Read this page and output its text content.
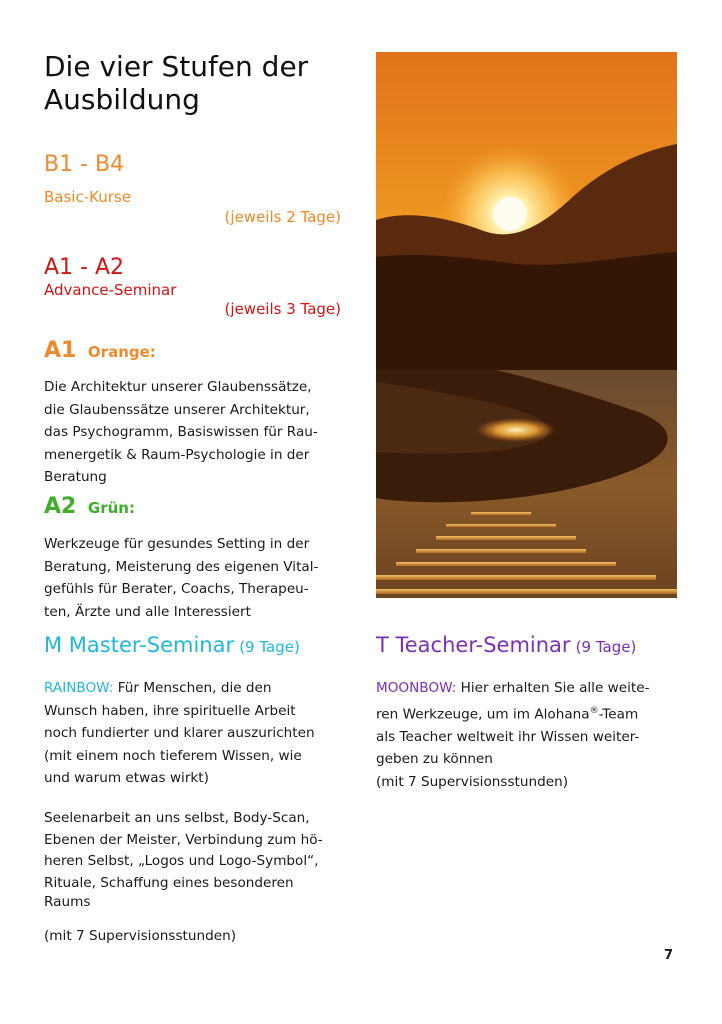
Die vier Stufen der
Ausbildung
B1 - B4
Basic-Kurse
(jeweils 2 Tage)
A1 - A2
Advance-Seminar
(jeweils 3 Tage)
A1 Orange:
Die Architektur unserer Glaubenssätze,
die Glaubenssätze unserer Architektur,
das Psychogramm, Basiswissen für Rau-
menergetik & Raum-Psychologie in der
Beratung
A2 Grün:
Werkzeuge für gesundes Setting in der
Beratung, Meisterung des eigenen Vital-
gefühls für Berater, Coachs, Therapeu-
ten, Ärzte und alle Interessiert
M Master-Seminar (9 Tage)
RAINBOW: Für Menschen, die den
Wunsch haben, ihre spirituelle Arbeit
noch fundierter und klarer auszurichten
(mit einem noch tieferem Wissen, wie
und warum etwas wirkt)
Seelenarbeit an uns selbst, Body-Scan,
Ebenen der Meister, Verbindung zum hö-
heren Selbst, „Logos und Logo-Symbol“,
Rituale, Schaffung eines besonderen
Raums
(mit 7 Supervisionsstunden)
T Teacher-Seminar (9 Tage)
MOONBOW: Hier erhalten Sie alle weite-
ren Werkzeuge, um im Alohana®-Team
als Teacher weltweit ihr Wissen weiter-
geben zu können
(mit 7 Supervisionsstunden)
7
